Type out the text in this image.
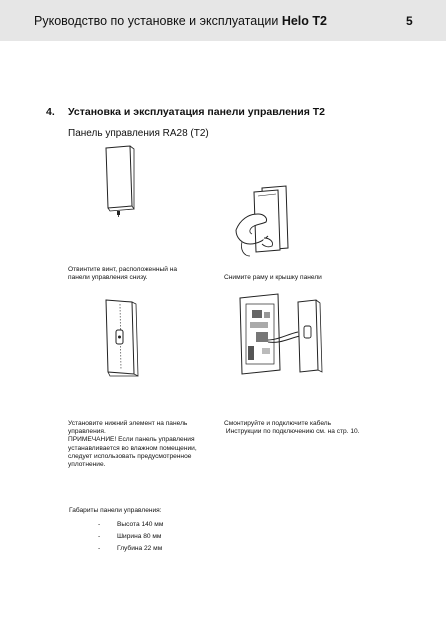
Руководство по установке и эксплуатации Helo T2	5
4. Установка и эксплуатация панели управления T2
Панель управления RA28 (T2)
Отвинтите винт, расположенный на
панели управления снизу.	Снимите раму и крышку панели
Установите нижний элемент на панель
управления.
ПРИМЕЧАНИЕ! Если панель управления
устанавливается во влажном помещении,
следует использовать предусмотренное
уплотнение.
Смонтируйте и подключите кабель
Инструкции по подключению см. на стр. 10.
Габариты панели управления:
-	Высота 140 мм
-	Ширина 80 мм
-	Глубина 22 мм
